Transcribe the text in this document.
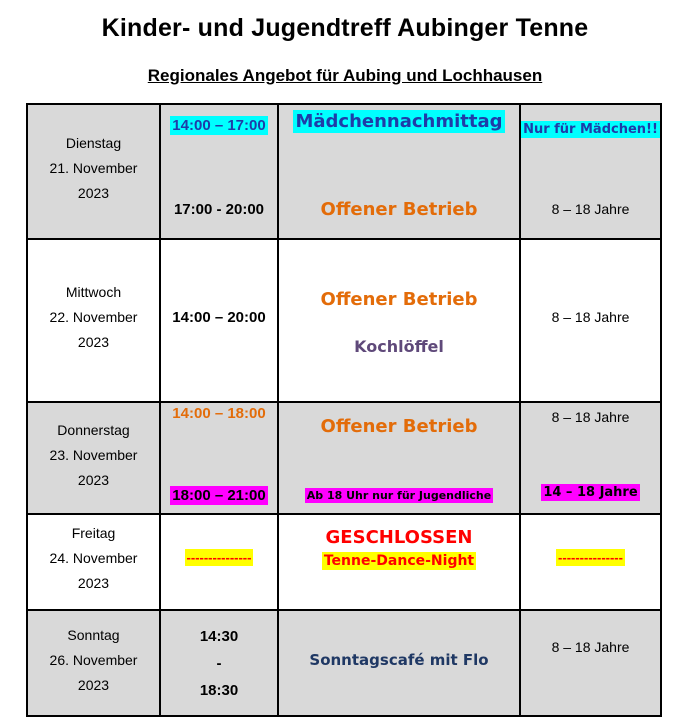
Kinder- und Jugendtreff Aubinger Tenne
Regionales Angebot für Aubing und Lochhausen
Dienstag
21. November
2023
14:00 – 17:00
17:00 - 20:00
Mädchennachmittag
Offener Betrieb
Nur für Mädchen!!
8 – 18 Jahre
Mittwoch
22. November
2023
14:00 – 20:00
Offener Betrieb
Kochlöffel
8 – 18 Jahre
Donnerstag
23. November
2023
14:00 – 18:00
18:00 – 21:00
Offener Betrieb
Ab 18 Uhr nur für Jugendliche
8 – 18 Jahre
14 – 18 Jahre
Freitag
24. November
2023
---------------
GESCHLOSSEN
Tenne-Dance-Night	---------------
Sonntag
26. November
2023
14:30
-
18:30
Sonntagscafé mit Flo
8 – 18 Jahre
